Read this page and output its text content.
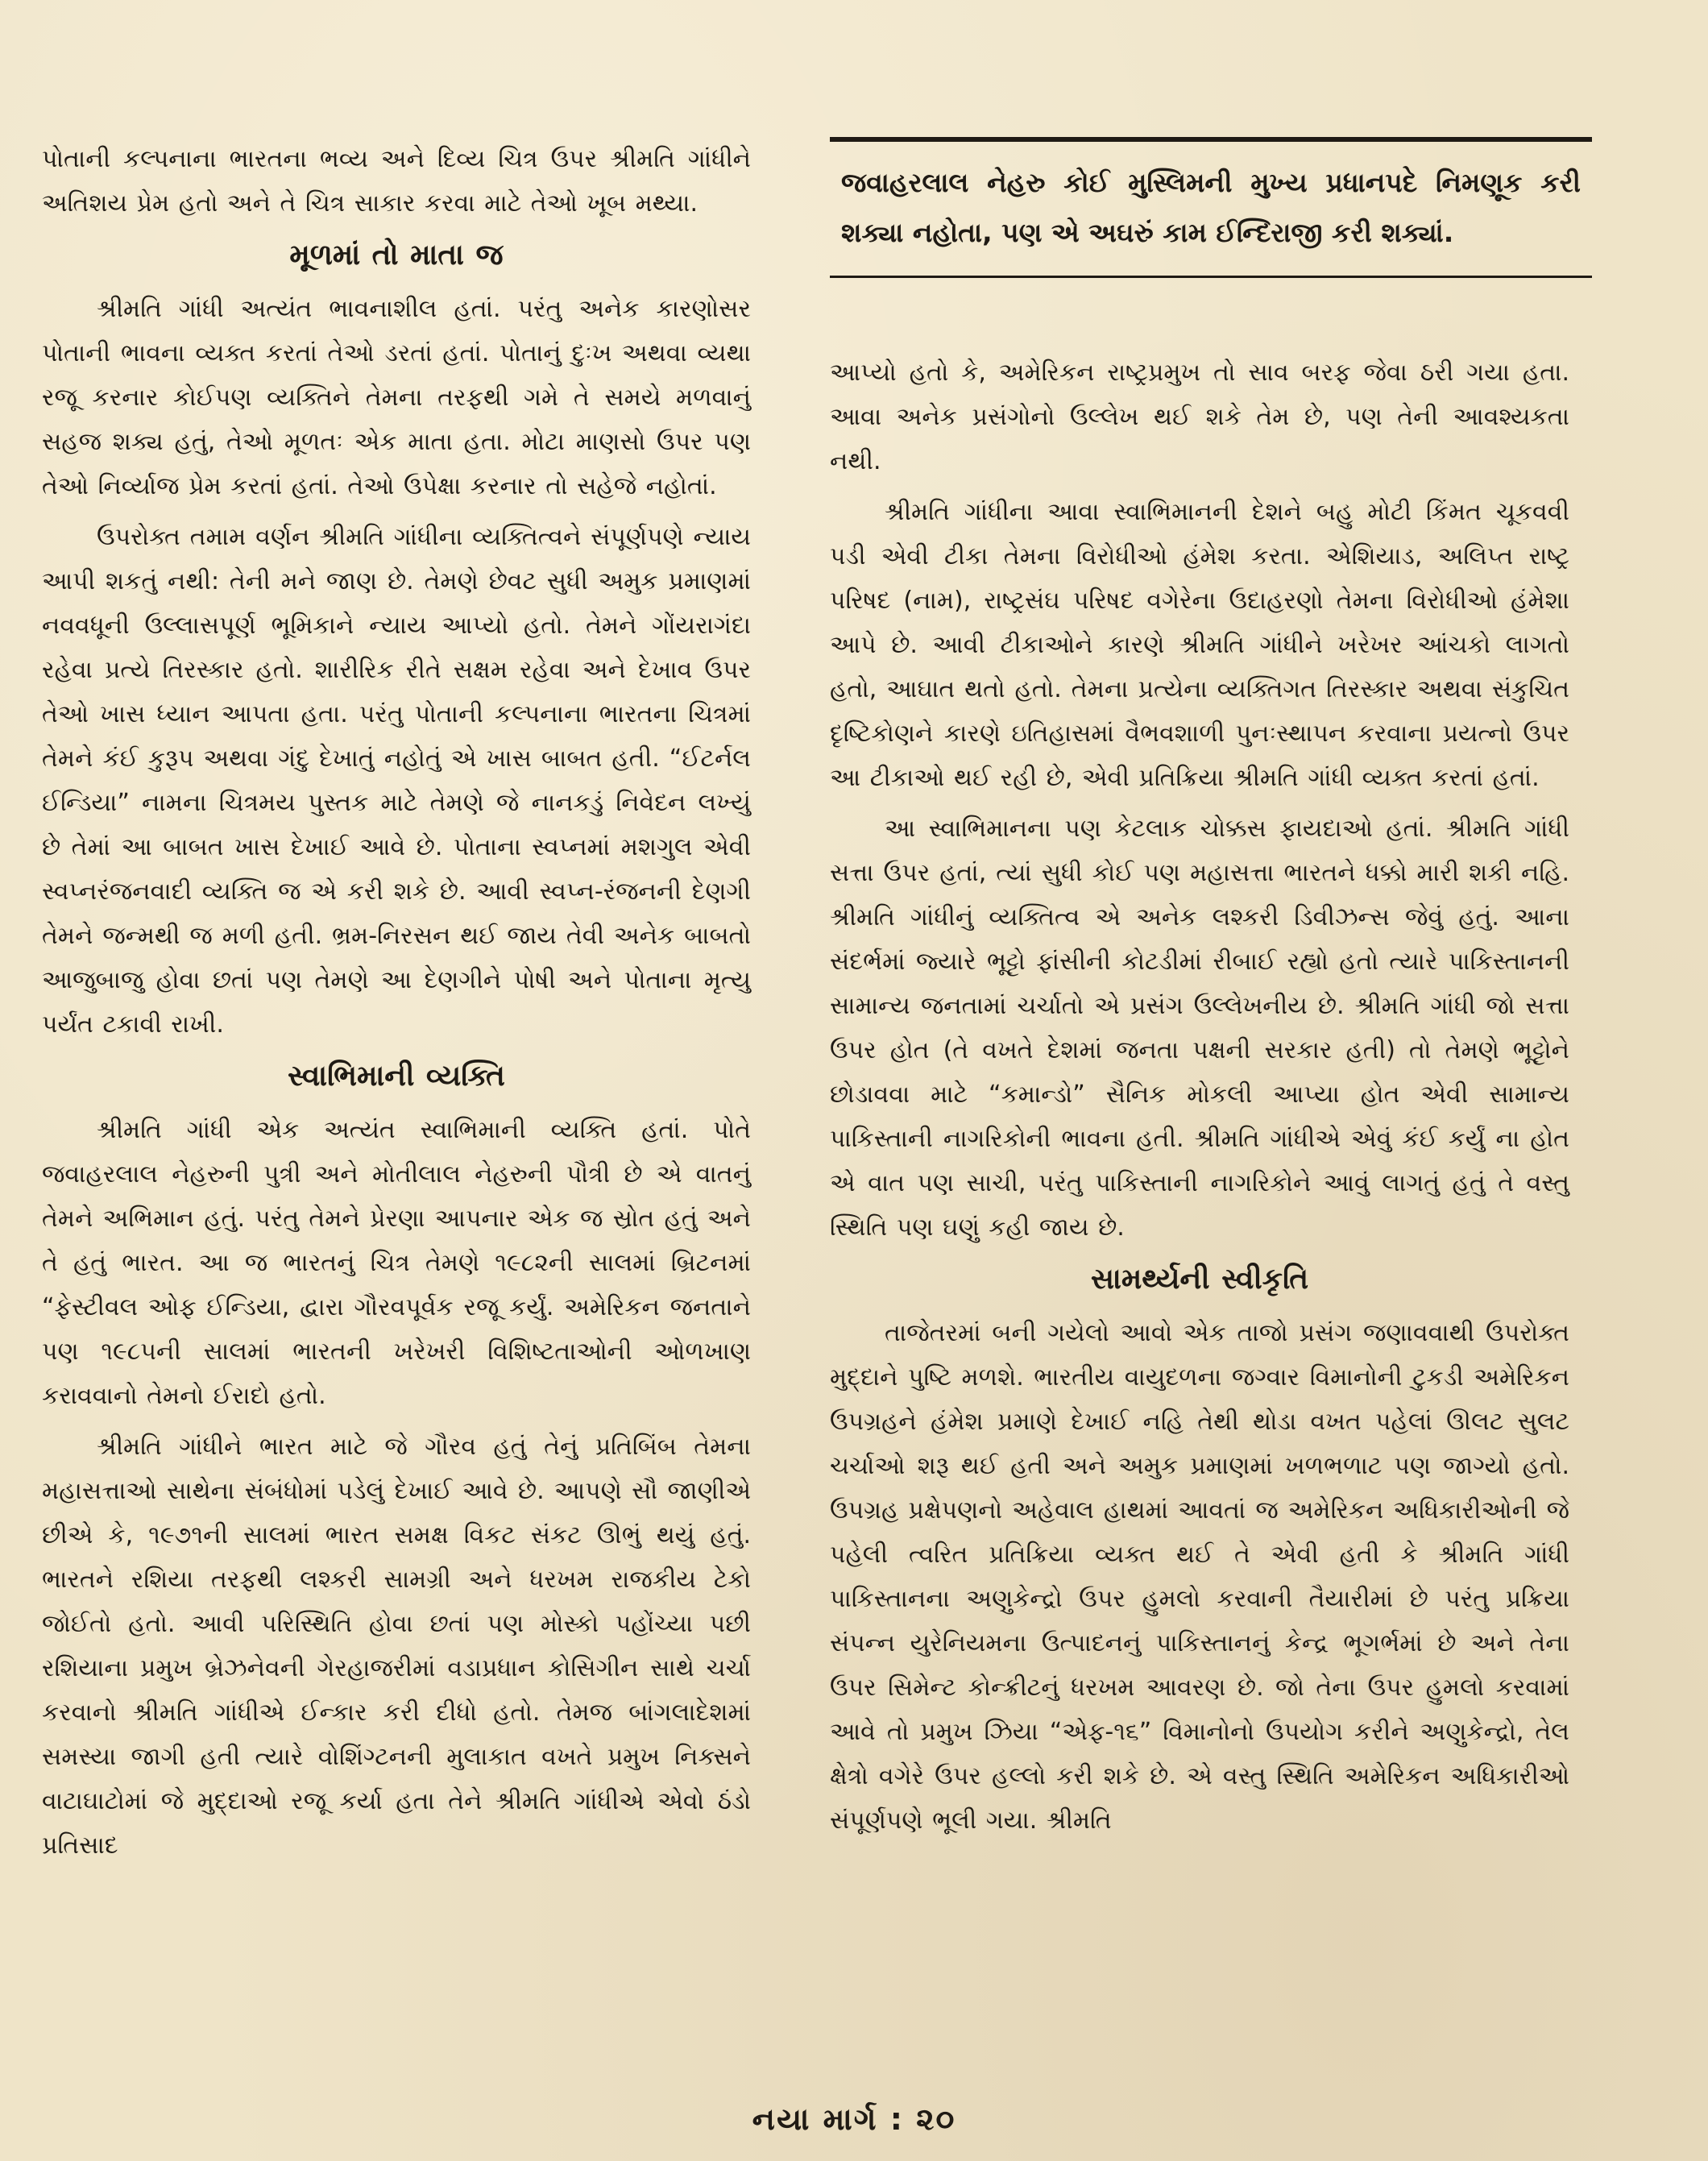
પોતાની કલ્પનાના ભારતના ભવ્ય અને દિવ્ય ચિત્ર ઉપર શ્રીમતિ ગાંધીને અતિશય પ્રેમ હતો અને તે ચિત્ર સાકાર કરવા માટે તેઓ ખૂબ મથ્યા.

મૂળમાં તો માતા જ

શ્રીમતિ ગાંધી અત્યંત ભાવનાશીલ હતાં. પરંતુ અનેક કારણોસર પોતાની ભાવના વ્યક્ત કરતાં તેઓ ડરતાં હતાં. પોતાનું દુઃખ અથવા વ્યથા રજૂ કરનાર કોઈપણ વ્યક્તિને તેમના તરફથી ગમે તે સમયે મળવાનું સહજ શક્ય હતું, તેઓ મૂળતઃ એક માતા હતા. મોટા માણસો ઉપર પણ તેઓ નિર્વ્યાજ પ્રેમ કરતાં હતાં. તેઓ ઉપેક્ષા કરનાર તો સહેજે નહોતાં.

ઉપરોક્ત તમામ વર્ણન શ્રીમતિ ગાંધીના વ્યક્તિત્વને સંપૂર્ણપણે ન્યાય આપી શકતું નથી: તેની મને જાણ છે. તેમણે છેવટ સુધી અમુક પ્રમાણમાં નવવધૂની ઉલ્લાસપૂર્ણ ભૂમિકાને ન્યાય આપ્યો હતો. તેમને ગોંયરાગંદા રહેવા પ્રત્યે તિરસ્કાર હતો. શારીરિક રીતે સક્ષમ રહેવા અને દેખાવ ઉપર તેઓ ખાસ ધ્યાન આપતા હતા. પરંતુ પોતાની કલ્પનાના ભારતના ચિત્રમાં તેમને કંઈ કુરૂપ અથવા ગંદુ દેખાતું નહોતું એ ખાસ બાબત હતી. “ઈટર્નલ ઈન્ડિયા” નામના ચિત્રમય પુસ્તક માટે તેમણે જે નાનકડું નિવેદન લખ્યું છે તેમાં આ બાબત ખાસ દેખાઈ આવે છે. પોતાના સ્વપ્નમાં મશગુલ એવી સ્વપ્નરંજનવાદી વ્યક્તિ જ એ કરી શકે છે. આવી સ્વપ્ન-રંજનની દેણગી તેમને જન્મથી જ મળી હતી. ભ્રમ-નિરસન થઈ જાય તેવી અનેક બાબતો આજુબાજુ હોવા છતાં પણ તેમણે આ દેણગીને પોષી અને પોતાના મૃત્યુ પર્યંત ટકાવી રાખી.

સ્વાભિમાની વ્યક્તિ

શ્રીમતિ ગાંધી એક અત્યંત સ્વાભિમાની વ્યક્તિ હતાં. પોતે જવાહરલાલ નેહરુની પુત્રી અને મોતીલાલ નેહરુની પૌત્રી છે એ વાતનું તેમને અભિમાન હતું. પરંતુ તેમને પ્રેરણા આપનાર એક જ સ્રોત હતું અને તે હતું ભારત. આ જ ભારતનું ચિત્ર તેમણે ૧૯૮૨ની સાલમાં બ્રિટનમાં “ફેસ્ટીવલ ઓફ ઈન્ડિયા, દ્વારા ગૌરવપૂર્વક રજૂ કર્યું. અમેરિકન જનતાને પણ ૧૯૮૫ની સાલમાં ભારતની ખરેખરી વિશિષ્ટતાઓની ઓળખાણ કરાવવાનો તેમનો ઈરાદો હતો.

શ્રીમતિ ગાંધીને ભારત માટે જે ગૌરવ હતું તેનું પ્રતિબિંબ તેમના મહાસત્તાઓ સાથેના સંબંધોમાં પડેલું દેખાઈ આવે છે. આપણે સૌ જાણીએ છીએ કે, ૧૯૭૧ની સાલમાં ભારત સમક્ષ વિકટ સંકટ ઊભું થયું હતું. ભારતને રશિયા તરફથી લશ્કરી સામગ્રી અને ધરખમ રાજકીય ટેકો જોઈતો હતો. આવી પરિસ્થિતિ હોવા છતાં પણ મોસ્કો પહોંચ્યા પછી રશિયાના પ્રમુખ બ્રેઝનેવની ગેરહાજરીમાં વડાપ્રધાન કોસિગીન સાથે ચર્ચા કરવાનો શ્રીમતિ ગાંધીએ ઈન્કાર કરી દીધો હતો. તેમજ બાંગલાદેશમાં સમસ્યા જાગી હતી ત્યારે વોશિંગ્ટનની મુલાકાત વખતે પ્રમુખ નિક્સને વાટાઘાટોમાં જે મુદ્દાઓ રજૂ કર્યા હતા તેને શ્રીમતિ ગાંધીએ એવો ઠંડો પ્રતિસાદ

જવાહરલાલ નેહરુ કોઈ મુસ્લિમની મુખ્ય પ્રધાનપદે નિમણૂક કરી શક્યા નહોતા, પણ એ અઘરું કામ ઈન્દિરાજી કરી શક્યાં.

આપ્યો હતો કે, અમેરિકન રાષ્ટ્રપ્રમુખ તો સાવ બરફ જેવા ઠરી ગયા હતા. આવા અનેક પ્રસંગોનો ઉલ્લેખ થઈ શકે તેમ છે, પણ તેની આવશ્યકતા નથી.

શ્રીમતિ ગાંધીના આવા સ્વાભિમાનની દેશને બહુ મોટી કિંમત ચૂકવવી પડી એવી ટીકા તેમના વિરોધીઓ હંમેશ કરતા. એશિયાડ, અલિપ્ત રાષ્ટ્ર પરિષદ (નામ), રાષ્ટ્રસંઘ પરિષદ વગેરેના ઉદાહરણો તેમના વિરોધીઓ હંમેશા આપે છે. આવી ટીકાઓને કારણે શ્રીમતિ ગાંધીને ખરેખર આંચકો લાગતો હતો, આઘાત થતો હતો. તેમના પ્રત્યેના વ્યક્તિગત તિરસ્કાર અથવા સંકુચિત દૃષ્ટિકોણને કારણે ઇતિહાસમાં વૈભવશાળી પુનઃસ્થાપન કરવાના પ્રયત્નો ઉપર આ ટીકાઓ થઈ રહી છે, એવી પ્રતિક્રિયા શ્રીમતિ ગાંધી વ્યક્ત કરતાં હતાં.

આ સ્વાભિમાનના પણ કેટલાક ચોક્કસ ફાયદાઓ હતાં. શ્રીમતિ ગાંધી સત્તા ઉપર હતાં, ત્યાં સુધી કોઈ પણ મહાસત્તા ભારતને ધક્કો મારી શકી નહિ. શ્રીમતિ ગાંધીનું વ્યક્તિત્વ એ અનેક લશ્કરી ડિવીઝન્સ જેવું હતું. આના સંદર્ભમાં જ્યારે ભૂટ્ટો ફાંસીની કોટડીમાં રીબાઈ રહ્યો હતો ત્યારે પાકિસ્તાનની સામાન્ય જનતામાં ચર્ચાતો એ પ્રસંગ ઉલ્લેખનીય છે. શ્રીમતિ ગાંધી જો સત્તા ઉપર હોત (તે વખતે દેશમાં જનતા પક્ષની સરકાર હતી) તો તેમણે ભૂટ્ટોને છોડાવવા માટે “કમાન્ડો” સૈનિક મોકલી આપ્યા હોત એવી સામાન્ય પાકિસ્તાની નાગરિકોની ભાવના હતી. શ્રીમતિ ગાંધીએ એવું કંઈ કર્યું ના હોત એ વાત પણ સાચી, પરંતુ પાકિસ્તાની નાગરિકોને આવું લાગતું હતું તે વસ્તુ સ્થિતિ પણ ઘણું કહી જાય છે.

સામર્થ્યની સ્વીકૃતિ

તાજેતરમાં બની ગયેલો આવો એક તાજો પ્રસંગ જણાવવાથી ઉપરોક્ત મુદ્દાને પુષ્ટિ મળશે. ભારતીય વાયુદળના જગ્વાર વિમાનોની ટુકડી અમેરિકન ઉપગ્રહને હંમેશ પ્રમાણે દેખાઈ નહિ તેથી થોડા વખત પહેલાં ઊલટ સુલટ ચર્ચાઓ શરૂ થઈ હતી અને અમુક પ્રમાણમાં ખળભળાટ પણ જાગ્યો હતો. ઉપગ્રહ પ્રક્ષેપણનો અહેવાલ હાથમાં આવતાં જ અમેરિકન અધિકારીઓની જે પહેલી ત્વરિત પ્રતિક્રિયા વ્યક્ત થઈ તે એવી હતી કે શ્રીમતિ ગાંધી પાકિસ્તાનના અણુકેન્દ્રો ઉપર હુમલો કરવાની તૈયારીમાં છે પરંતુ પ્રક્રિયા સંપન્ન યુરેનિયમના ઉત્પાદનનું પાકિસ્તાનનું કેન્દ્ર ભૂગર્ભમાં છે અને તેના ઉપર સિમેન્ટ કોન્ક્રીટનું ધરખમ આવરણ છે. જો તેના ઉપર હુમલો કરવામાં આવે તો પ્રમુખ ઝિયા “એફ-૧૬” વિમાનોનો ઉપયોગ કરીને અણુકેન્દ્રો, તેલ ક્ષેત્રો વગેરે ઉપર હલ્લો કરી શકે છે. એ વસ્તુ સ્થિતિ અમેરિકન અધિકારીઓ સંપૂર્ણપણે ભૂલી ગયા. શ્રીમતિ

નયા માર્ગ : ૨૦
